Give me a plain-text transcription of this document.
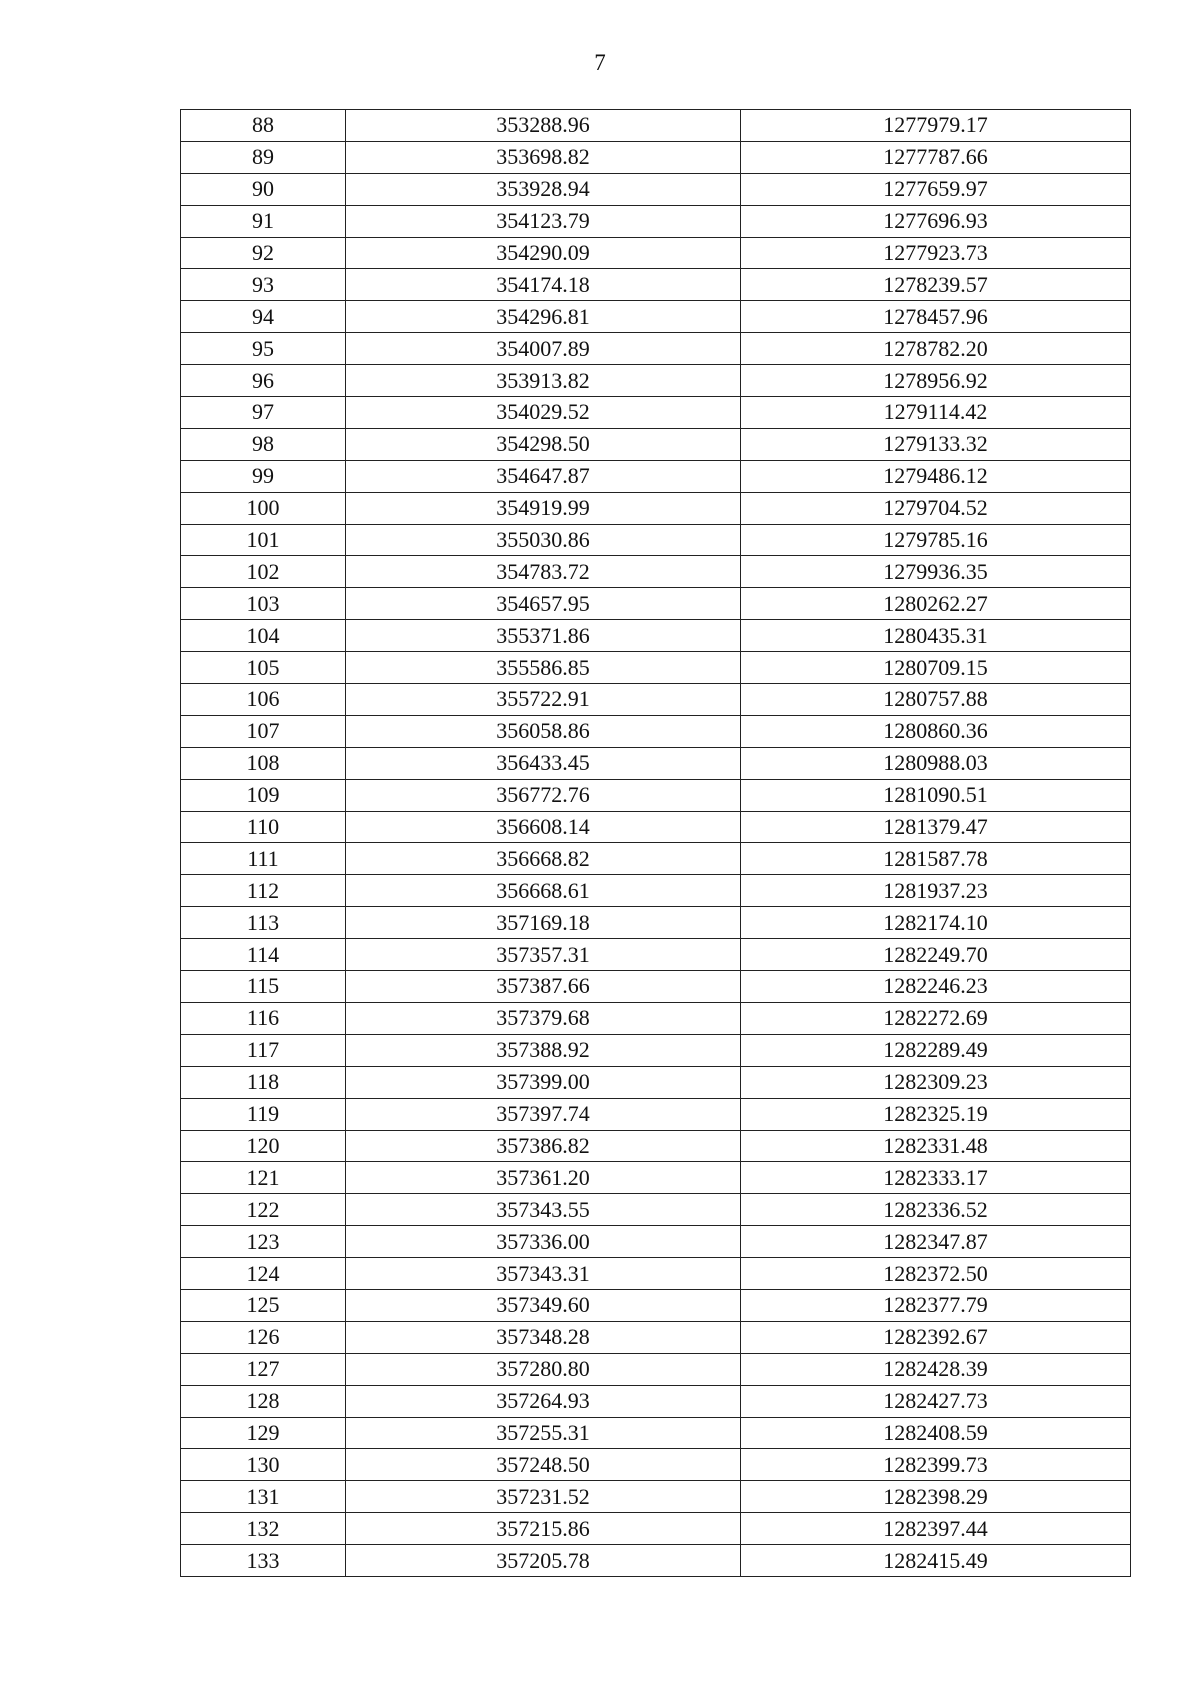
7
88	353288.96	1277979.17
89	353698.82	1277787.66
90	353928.94	1277659.97
91	354123.79	1277696.93
92	354290.09	1277923.73
93	354174.18	1278239.57
94	354296.81	1278457.96
95	354007.89	1278782.20
96	353913.82	1278956.92
97	354029.52	1279114.42
98	354298.50	1279133.32
99	354647.87	1279486.12
100	354919.99	1279704.52
101	355030.86	1279785.16
102	354783.72	1279936.35
103	354657.95	1280262.27
104	355371.86	1280435.31
105	355586.85	1280709.15
106	355722.91	1280757.88
107	356058.86	1280860.36
108	356433.45	1280988.03
109	356772.76	1281090.51
110	356608.14	1281379.47
111	356668.82	1281587.78
112	356668.61	1281937.23
113	357169.18	1282174.10
114	357357.31	1282249.70
115	357387.66	1282246.23
116	357379.68	1282272.69
117	357388.92	1282289.49
118	357399.00	1282309.23
119	357397.74	1282325.19
120	357386.82	1282331.48
121	357361.20	1282333.17
122	357343.55	1282336.52
123	357336.00	1282347.87
124	357343.31	1282372.50
125	357349.60	1282377.79
126	357348.28	1282392.67
127	357280.80	1282428.39
128	357264.93	1282427.73
129	357255.31	1282408.59
130	357248.50	1282399.73
131	357231.52	1282398.29
132	357215.86	1282397.44
133	357205.78	1282415.49
